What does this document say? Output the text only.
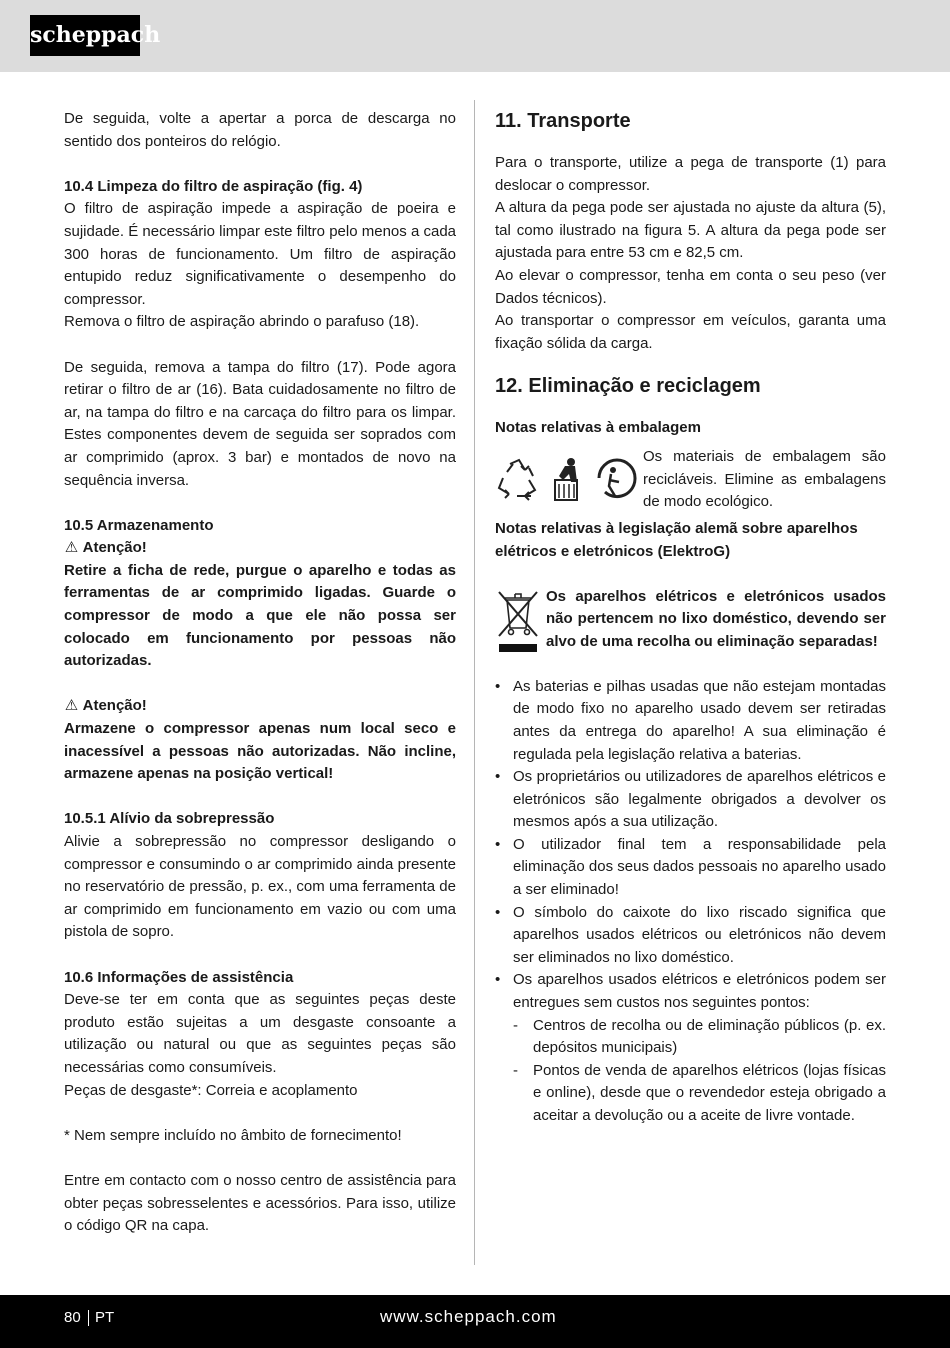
scheppach

De seguida, volte a apertar a porca de descarga no sentido dos ponteiros do relógio.

10.4 Limpeza do filtro de aspiração (fig. 4)

O filtro de aspiração impede a aspiração de poeira e sujidade. É necessário limpar este filtro pelo menos a cada 300 horas de funcionamento. Um filtro de aspiração entupido reduz significativamente o desempenho do compressor.

Remova o filtro de aspiração abrindo o parafuso (18).

De seguida, remova a tampa do filtro (17). Pode agora retirar o filtro de ar (16). Bata cuidadosamente no filtro de ar, na tampa do filtro e na carcaça do filtro para os limpar. Estes componentes devem de seguida ser soprados com ar comprimido (aprox. 3 bar) e montados de novo na sequência inversa.

10.5 Armazenamento
⚠ Atenção!

Retire a ficha de rede, purgue o aparelho e todas as ferramentas de ar comprimido ligadas. Guarde o compressor de modo a que ele não possa ser colocado em funcionamento por pessoas não autorizadas.

⚠ Atenção!

Armazene o compressor apenas num local seco e inacessível a pessoas não autorizadas. Não incline, armazene apenas na posição vertical!

10.5.1 Alívio da sobrepressão

Alivie a sobrepressão no compressor desligando o compressor e consumindo o ar comprimido ainda presente no reservatório de pressão, p. ex., com uma ferramenta de ar comprimido em funcionamento em vazio ou com uma pistola de sopro.

10.6 Informações de assistência

Deve-se ter em conta que as seguintes peças deste produto estão sujeitas a um desgaste consoante a utilização ou natural ou que as seguintes peças são necessárias como consumíveis.

Peças de desgaste*: Correia e acoplamento

* Nem sempre incluído no âmbito de fornecimento!

Entre em contacto com o nosso centro de assistência para obter peças sobresselentes e acessórios. Para isso, utilize o código QR na capa.

11. Transporte

Para o transporte, utilize a pega de transporte (1) para deslocar o compressor.

A altura da pega pode ser ajustada no ajuste da altura (5), tal como ilustrado na figura 5. A altura da pega pode ser ajustada para entre 53 cm e 82,5 cm.

Ao elevar o compressor, tenha em conta o seu peso (ver Dados técnicos).

Ao transportar o compressor em veículos, garanta uma fixação sólida da carga.

12. Eliminação e reciclagem
Notas relativas à embalagem

Os materiais de embalagem são recicláveis. Elimine as embalagens de modo ecológico.

Notas relativas à legislação alemã sobre aparelhos elétricos e eletrónicos (ElektroG)

Os aparelhos elétricos e eletrónicos usados não pertencem no lixo doméstico, devendo ser alvo de uma recolha ou eliminação separadas!

• As baterias e pilhas usadas que não estejam montadas de modo fixo no aparelho usado devem ser retiradas antes da entrega do aparelho! A sua eliminação é regulada pela legislação relativa a baterias.
• Os proprietários ou utilizadores de aparelhos elétricos e eletrónicos são legalmente obrigados a devolver os mesmos após a sua utilização.
• O utilizador final tem a responsabilidade pela eliminação dos seus dados pessoais no aparelho usado a ser eliminado!
• O símbolo do caixote do lixo riscado significa que aparelhos usados elétricos ou eletrónicos não devem ser eliminados no lixo doméstico.
• Os aparelhos usados elétricos e eletrónicos podem ser entregues sem custos nos seguintes pontos:
- Centros de recolha ou de eliminação públicos (p. ex. depósitos municipais)
- Pontos de venda de aparelhos elétricos (lojas físicas e online), desde que o revendedor esteja obrigado a aceitar a devolução ou a aceite de livre vontade.
80 PT	www.scheppach.com
